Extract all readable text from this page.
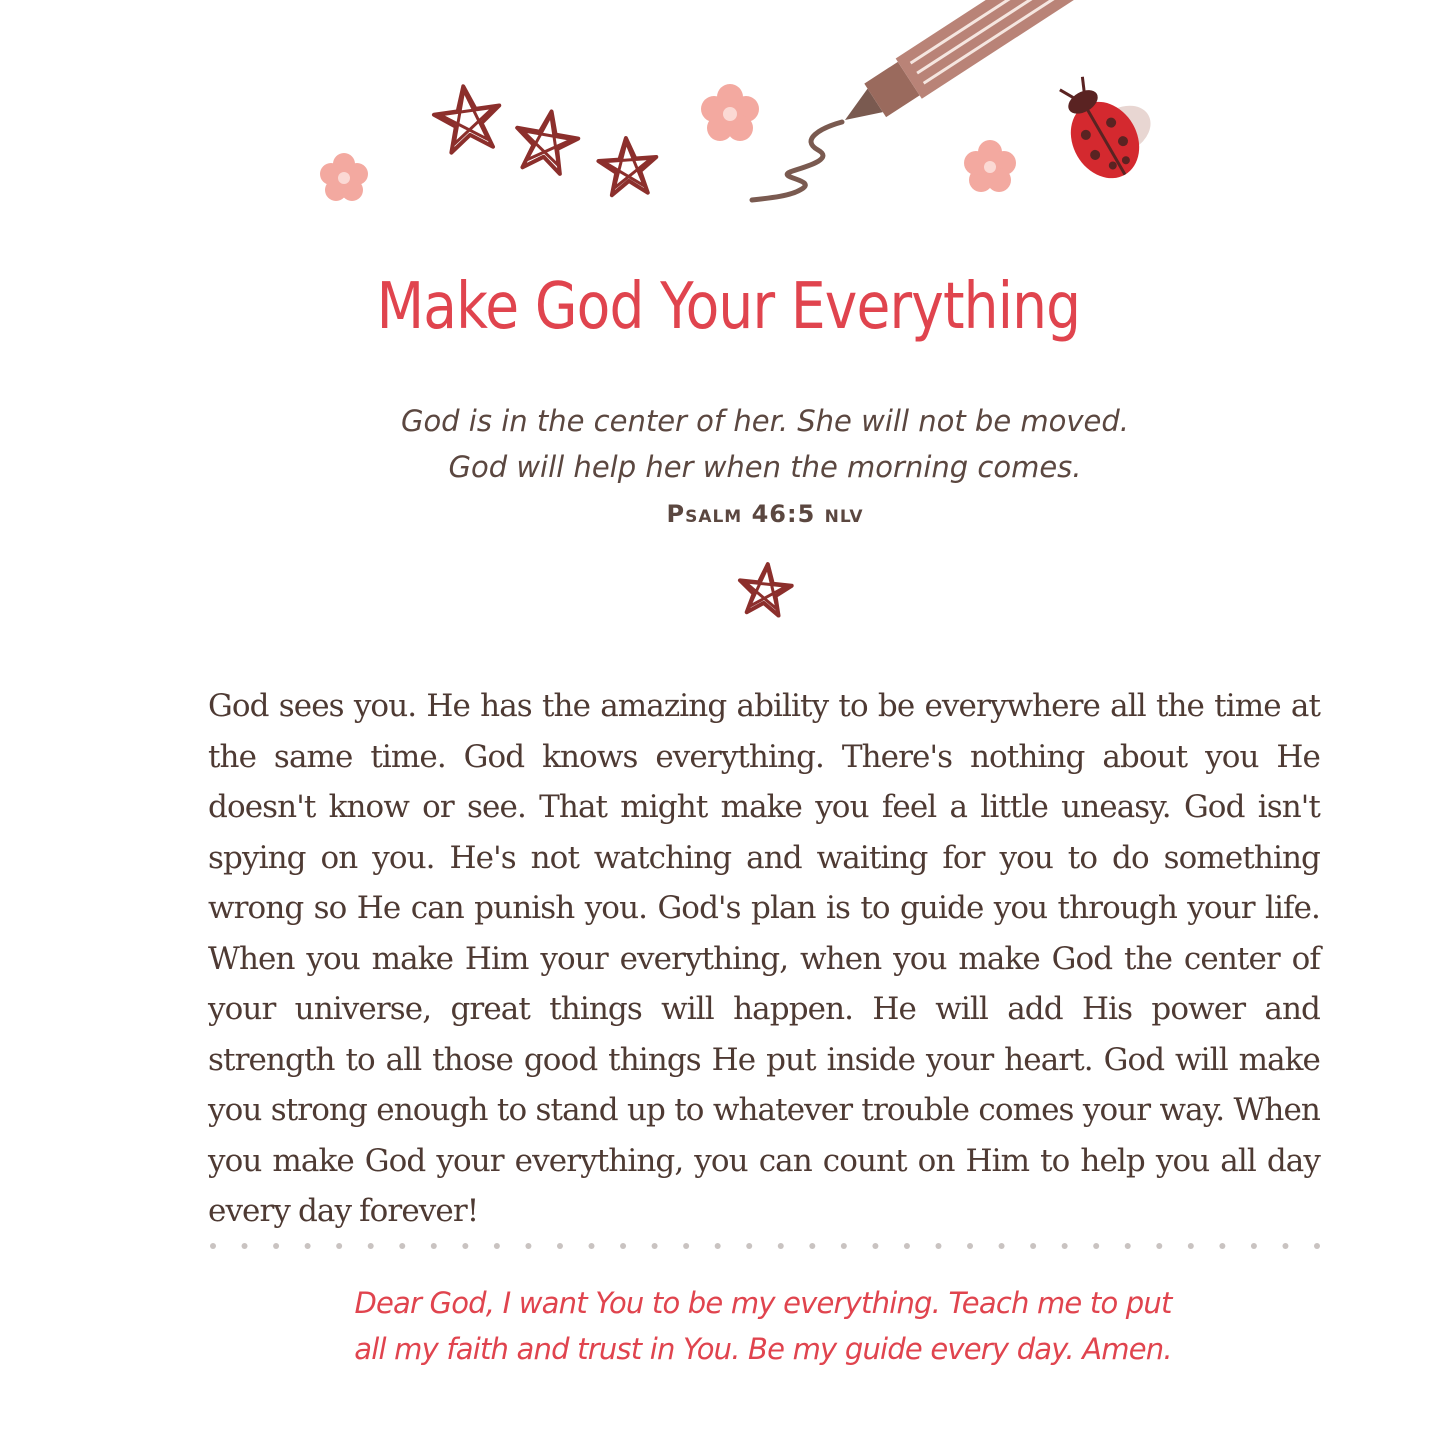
Make God Your Everything
God is in the center of her. She will not be moved.
God will help her when the morning comes.
Psalm 46:5 nlv

God sees you. He has the amazing ability to be everywhere all the time at the same time. God knows everything. There's nothing about you He doesn't know or see. That might make you feel a little uneasy. God isn't spying on you. He's not watching and waiting for you to do something wrong so He can punish you. God's plan is to guide you through your life. When you make Him your everything, when you make God the center of your universe, great things will happen. He will add His power and strength to all those good things He put inside your heart. God will make you strong enough to stand up to whatever trouble comes your way. When you make God your everything, you can count on Him to help you all day every day forever!

Dear God, I want You to be my everything. Teach me to put
all my faith and trust in You. Be my guide every day. Amen.
